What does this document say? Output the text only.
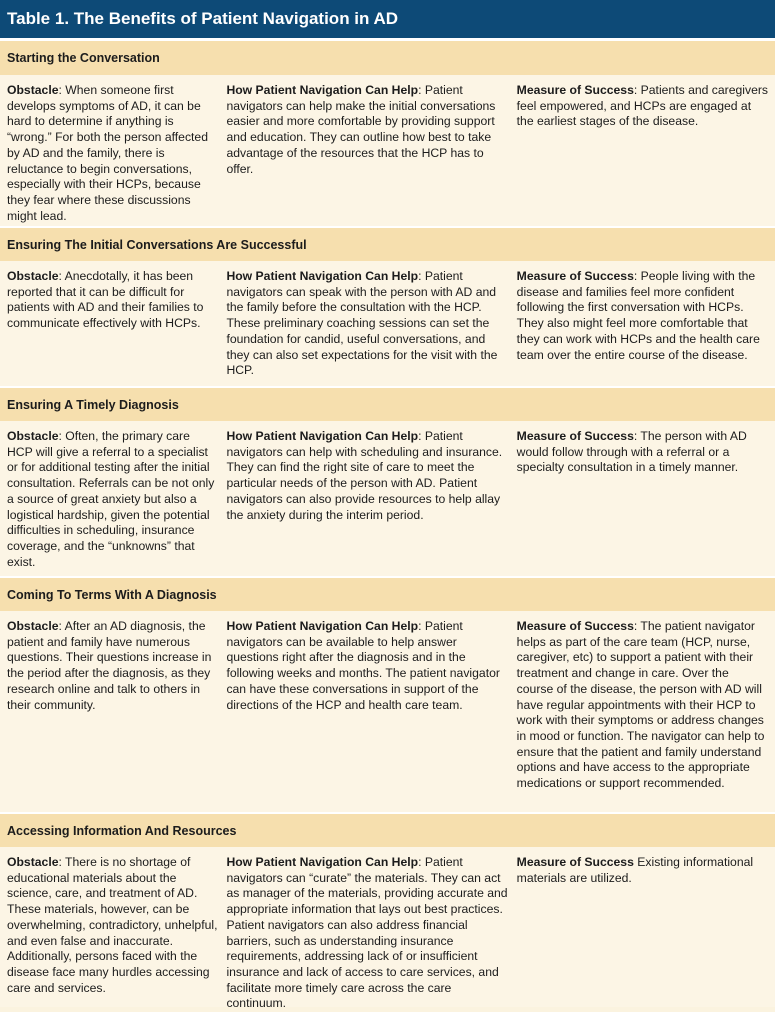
Table 1. The Benefits of Patient Navigation in AD
Starting the Conversation
Obstacle: When someone first develops symptoms of AD, it can be hard to determine if anything is “wrong.” For both the person affected by AD and the family, there is reluctance to begin conversations, especially with their HCPs, because they fear where these discussions might lead.
How Patient Navigation Can Help: Patient navigators can help make the initial conversations easier and more comfortable by providing support and education. They can outline how best to take advantage of the resources that the HCP has to offer.
Measure of Success: Patients and caregivers feel empowered, and HCPs are engaged at the earliest stages of the disease.
Ensuring The Initial Conversations Are Successful
Obstacle: Anecdotally, it has been reported that it can be difficult for patients with AD and their families to communicate effectively with HCPs.
How Patient Navigation Can Help: Patient navigators can speak with the person with AD and the family before the consultation with the HCP. These preliminary coaching sessions can set the foundation for candid, useful conversations, and they can also set expectations for the visit with the HCP.
Measure of Success: People living with the disease and families feel more confident following the first conversation with HCPs. They also might feel more comfortable that they can work with HCPs and the health care team over the entire course of the disease.
Ensuring A Timely Diagnosis
Obstacle: Often, the primary care HCP will give a referral to a specialist or for additional testing after the initial consultation. Referrals can be not only a source of great anxiety but also a logistical hardship, given the potential difficulties in scheduling, insurance coverage, and the “unknowns” that exist.
How Patient Navigation Can Help: Patient navigators can help with scheduling and insurance. They can find the right site of care to meet the particular needs of the person with AD. Patient navigators can also provide resources to help allay the anxiety during the interim period.
Measure of Success: The person with AD would follow through with a referral or a specialty consultation in a timely manner.
Coming To Terms With A Diagnosis
Obstacle: After an AD diagnosis, the patient and family have numerous questions. Their questions increase in the period after the diagnosis, as they research online and talk to others in their community.
How Patient Navigation Can Help: Patient navigators can be available to help answer questions right after the diagnosis and in the following weeks and months. The patient navigator can have these conversations in support of the directions of the HCP and health care team.
Measure of Success: The patient navigator helps as part of the care team (HCP, nurse, caregiver, etc) to support a patient with their treatment and change in care. Over the course of the disease, the person with AD will have regular appointments with their HCP to work with their symptoms or address changes in mood or function. The navigator can help to ensure that the patient and family understand options and have access to the appropriate medications or support recommended.
Accessing Information And Resources
Obstacle: There is no shortage of educational materials about the science, care, and treatment of AD. These materials, however, can be overwhelming, contradictory, unhelpful, and even false and inaccurate. Additionally, persons faced with the disease face many hurdles accessing care and services.
How Patient Navigation Can Help: Patient navigators can “curate” the materials. They can act as manager of the materials, providing accurate and appropriate information that lays out best practices. Patient navigators can also address financial barriers, such as understanding insurance requirements, addressing lack of or insufficient insurance and lack of access to care services, and facilitate more timely care across the care continuum.
Measure of Success Existing informational materials are utilized.
